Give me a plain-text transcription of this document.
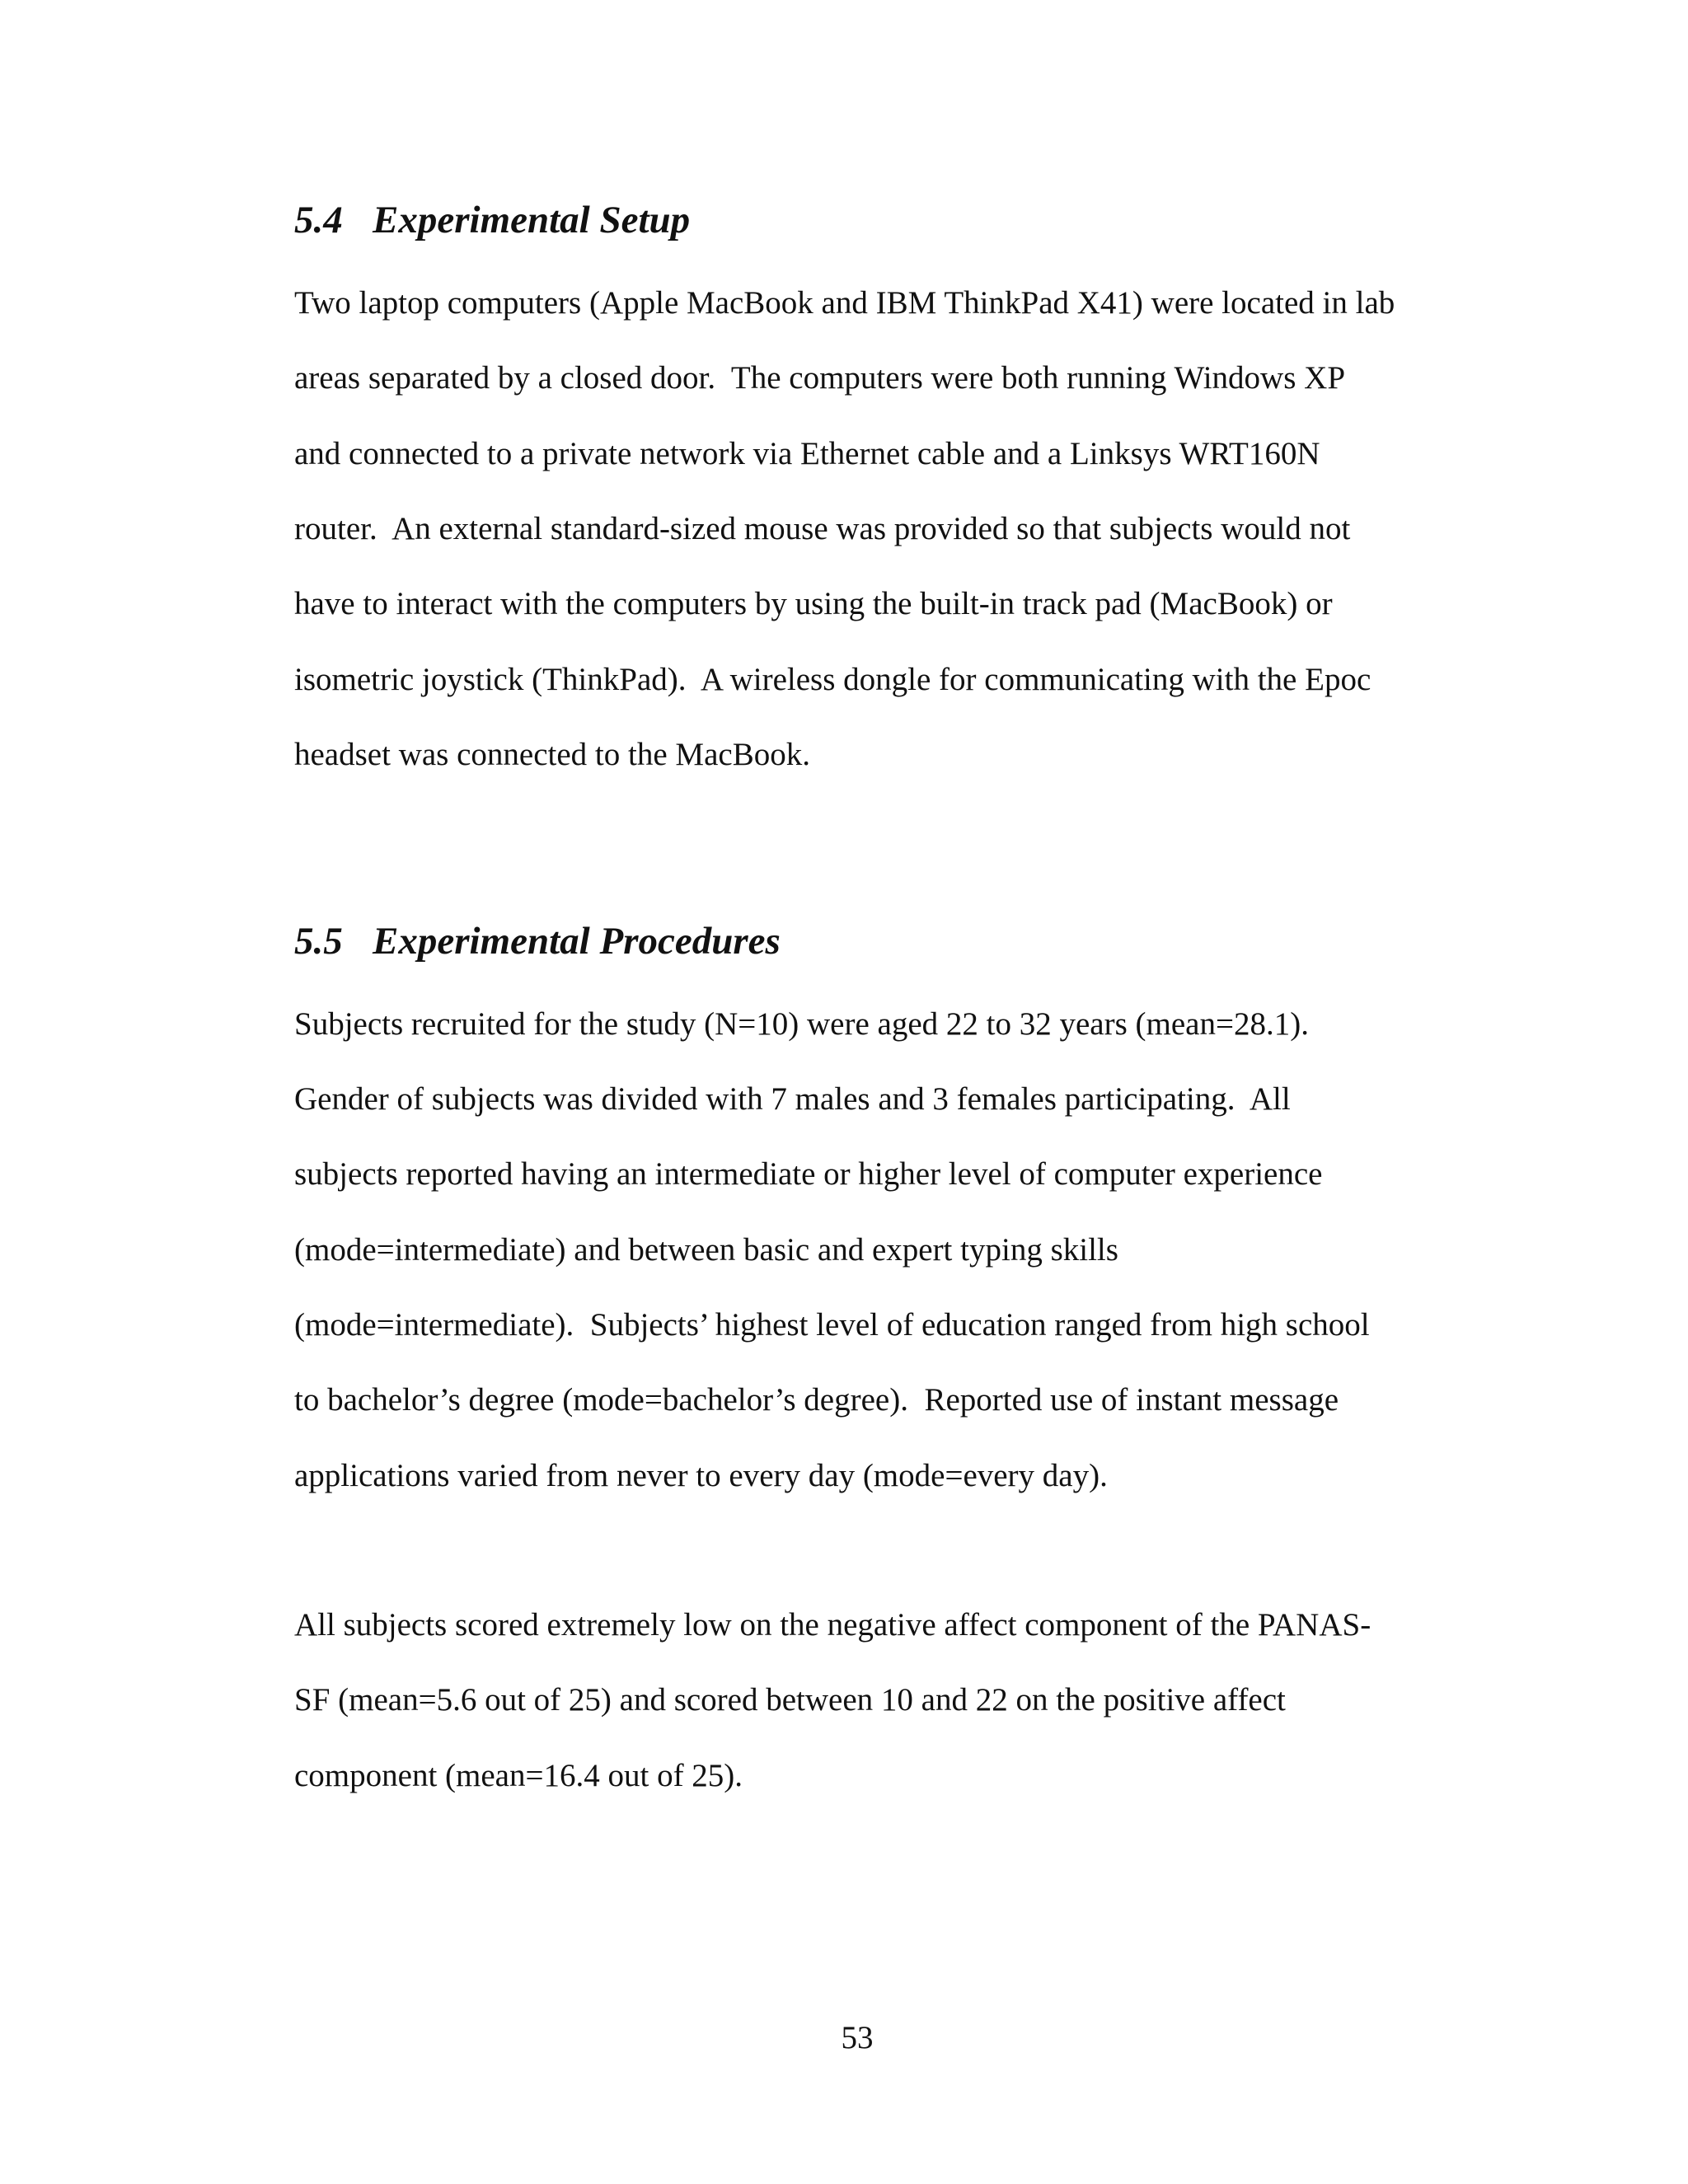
5.4 Experimental Setup

Two laptop computers (Apple MacBook and IBM ThinkPad X41) were located in lab

areas separated by a closed door.  The computers were both running Windows XP

and connected to a private network via Ethernet cable and a Linksys WRT160N

router.  An external standard-sized mouse was provided so that subjects would not

have to interact with the computers by using the built-in track pad (MacBook) or

isometric joystick (ThinkPad).  A wireless dongle for communicating with the Epoc

headset was connected to the MacBook.

5.5 Experimental Procedures

Subjects recruited for the study (N=10) were aged 22 to 32 years (mean=28.1).

Gender of subjects was divided with 7 males and 3 females participating.  All

subjects reported having an intermediate or higher level of computer experience

(mode=intermediate) and between basic and expert typing skills

(mode=intermediate).  Subjects’ highest level of education ranged from high school

to bachelor’s degree (mode=bachelor’s degree).  Reported use of instant message

applications varied from never to every day (mode=every day).

All subjects scored extremely low on the negative affect component of the PANAS-

SF (mean=5.6 out of 25) and scored between 10 and 22 on the positive affect

component (mean=16.4 out of 25).

53
